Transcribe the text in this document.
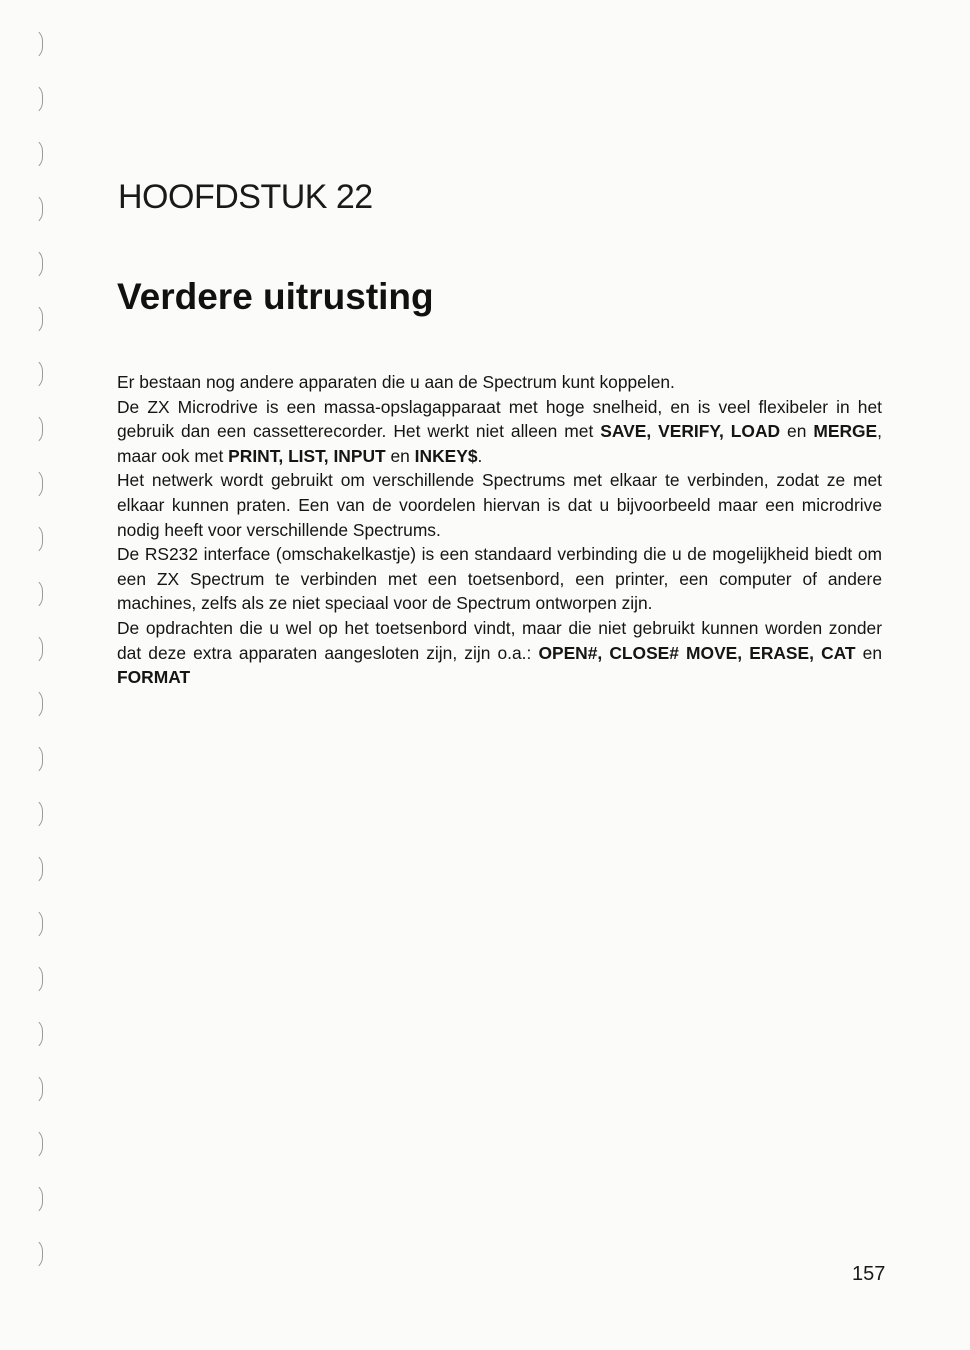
HOOFDSTUK 22
Verdere uitrusting

Er bestaan nog andere apparaten die u aan de Spectrum kunt koppelen.

De ZX Microdrive is een massa-opslagapparaat met hoge snelheid, en is veel flexibeler in het gebruik dan een cassetterecorder. Het werkt niet alleen met SAVE, VERIFY, LOAD en MERGE, maar ook met PRINT, LIST, INPUT en INKEY$.

Het netwerk wordt gebruikt om verschillende Spectrums met elkaar te verbinden, zodat ze met elkaar kunnen praten. Een van de voordelen hiervan is dat u bijvoorbeeld maar een microdrive nodig heeft voor verschillende Spectrums.

De RS232 interface (omschakelkastje) is een standaard verbinding die u de mogelijkheid biedt om een ZX Spectrum te verbinden met een toetsenbord, een printer, een computer of andere machines, zelfs als ze niet speciaal voor de Spectrum ontworpen zijn.

De opdrachten die u wel op het toetsenbord vindt, maar die niet gebruikt kunnen worden zonder dat deze extra apparaten aangesloten zijn, zijn o.a.: OPEN#, CLOSE# MOVE, ERASE, CAT en FORMAT

157
